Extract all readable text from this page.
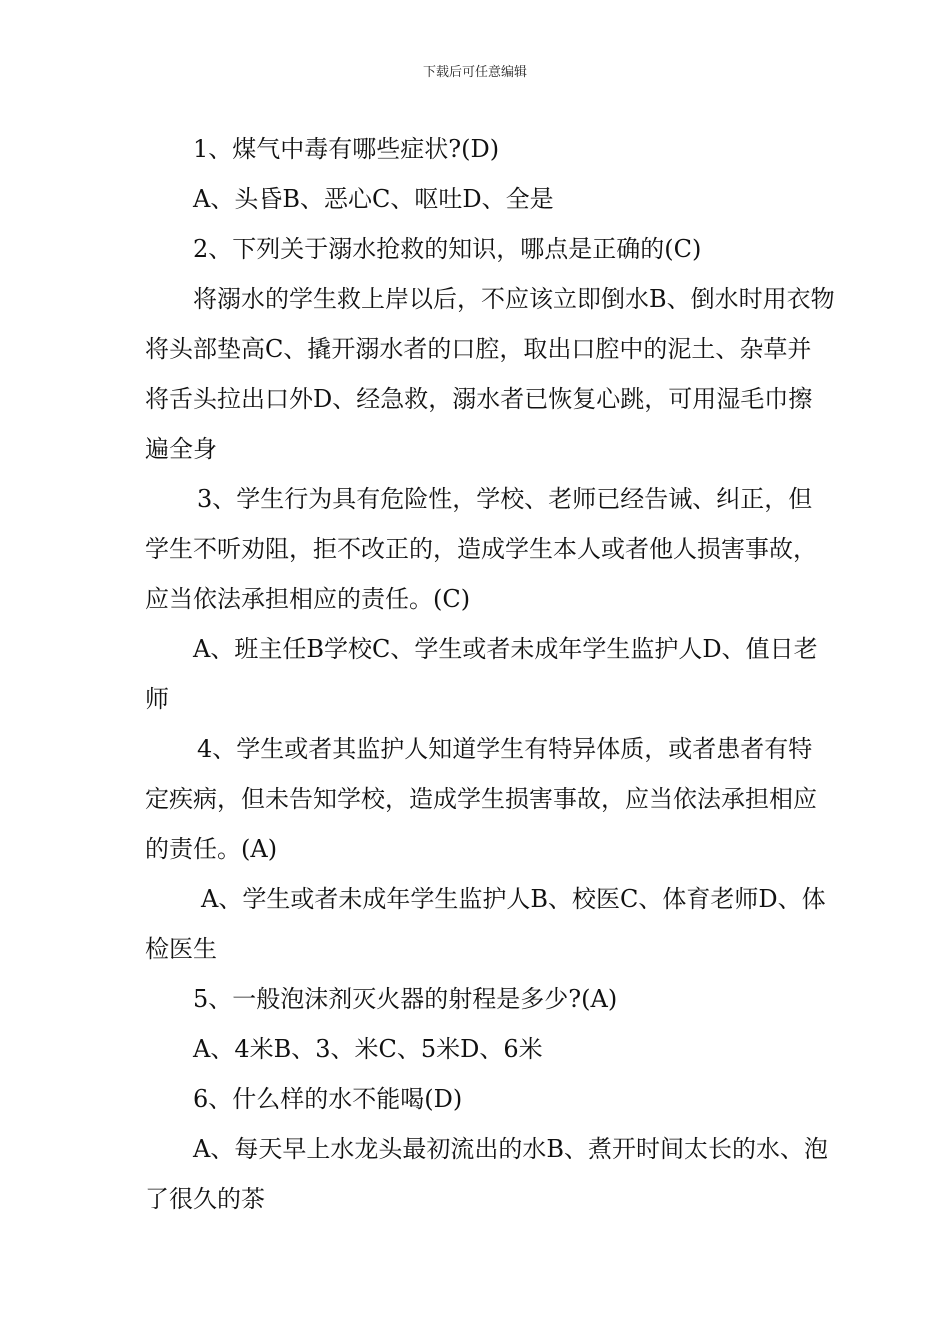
下载后可任意编辑

1、煤气中毒有哪些症状?(D)

A、头昏B、恶心C、呕吐D、全是

2、下列关于溺水抢救的知识，哪点是正确的(C)

将溺水的学生救上岸以后，不应该立即倒水B、倒水时用衣物将头部垫高C、撬开溺水者的口腔，取出口腔中的泥土、杂草并将舌头拉出口外D、经急救，溺水者已恢复心跳，可用湿毛巾擦遍全身

3、学生行为具有危险性，学校、老师已经告诫、纠正，但学生不听劝阻，拒不改正的，造成学生本人或者他人损害事故，应当依法承担相应的责任。(C)

A、班主任B学校C、学生或者未成年学生监护人D、值日老师

4、学生或者其监护人知道学生有特异体质，或者患者有特定疾病，但未告知学校，造成学生损害事故，应当依法承担相应的责任。(A)

A、学生或者未成年学生监护人B、校医C、体育老师D、体检医生

5、一般泡沫剂灭火器的射程是多少?(A)

A、4米B、3、米C、5米D、6米

6、什么样的水不能喝(D)

A、每天早上水龙头最初流出的水B、煮开时间太长的水、泡了很久的茶
